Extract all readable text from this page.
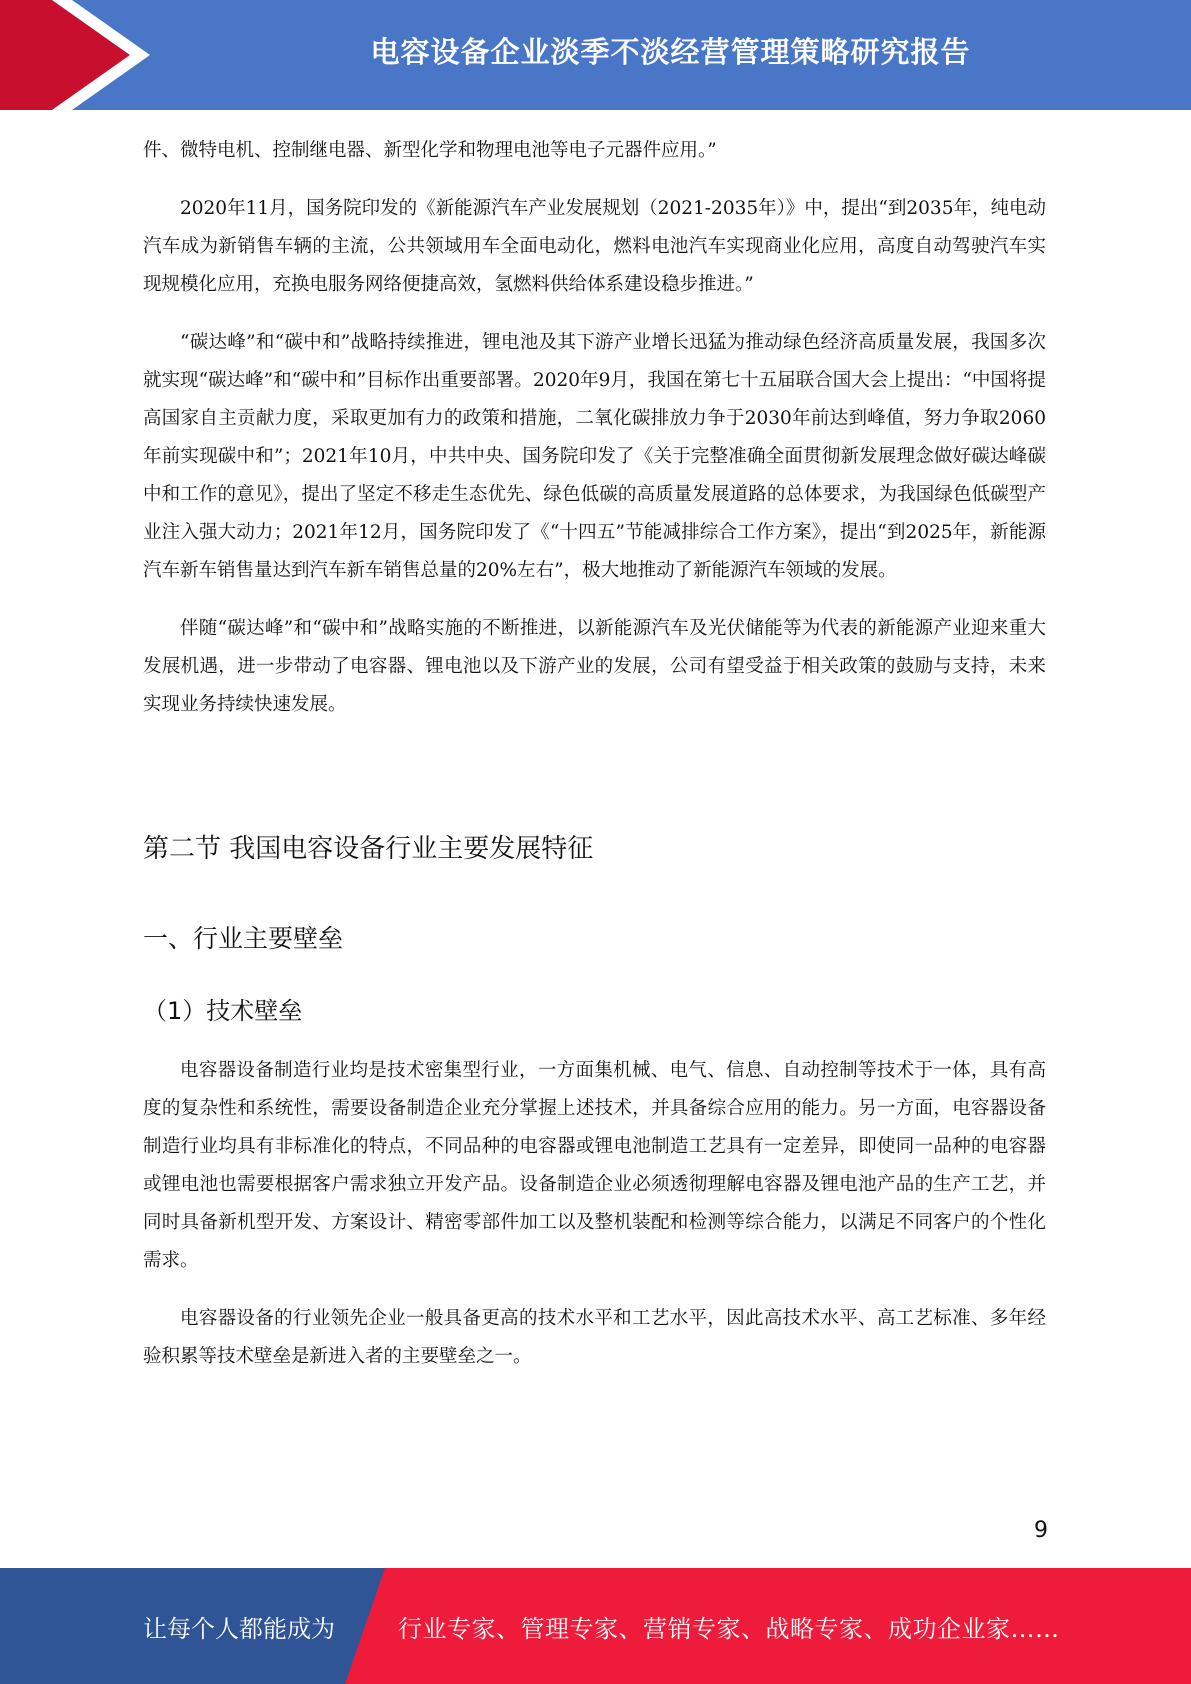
电容设备企业淡季不淡经营管理策略研究报告

件、微特电机、控制继电器、新型化学和物理电池等电子元器件应用。”

2020年11月，国务院印发的《新能源汽车产业发展规划（2021-2035年）》中，提出“到2035年，纯电动汽车成为新销售车辆的主流，公共领域用车全面电动化，燃料电池汽车实现商业化应用，高度自动驾驶汽车实现规模化应用，充换电服务网络便捷高效，氢燃料供给体系建设稳步推进。”

“碳达峰”和“碳中和”战略持续推进，锂电池及其下游产业增长迅猛为推动绿色经济高质量发展，我国多次就实现“碳达峰”和“碳中和”目标作出重要部署。2020年9月，我国在第七十五届联合国大会上提出：“中国将提高国家自主贡献力度，采取更加有力的政策和措施，二氧化碳排放力争于2030年前达到峰值，努力争取2060年前实现碳中和”；2021年10月，中共中央、国务院印发了《关于完整准确全面贯彻新发展理念做好碳达峰碳中和工作的意见》，提出了坚定不移走生态优先、绿色低碳的高质量发展道路的总体要求，为我国绿色低碳型产业注入强大动力；2021年12月，国务院印发了《“十四五”节能减排综合工作方案》，提出“到2025年，新能源汽车新车销售量达到汽车新车销售总量的20%左右”，极大地推动了新能源汽车领域的发展。

伴随“碳达峰”和“碳中和”战略实施的不断推进，以新能源汽车及光伏储能等为代表的新能源产业迎来重大发展机遇，进一步带动了电容器、锂电池以及下游产业的发展，公司有望受益于相关政策的鼓励与支持，未来实现业务持续快速发展。

第二节 我国电容设备行业主要发展特征
一、行业主要壁垒
（1）技术壁垒

电容器设备制造行业均是技术密集型行业，一方面集机械、电气、信息、自动控制等技术于一体，具有高度的复杂性和系统性，需要设备制造企业充分掌握上述技术，并具备综合应用的能力。另一方面，电容器设备制造行业均具有非标准化的特点，不同品种的电容器或锂电池制造工艺具有一定差异，即使同一品种的电容器或锂电池也需要根据客户需求独立开发产品。设备制造企业必须透彻理解电容器及锂电池产品的生产工艺，并同时具备新机型开发、方案设计、精密零部件加工以及整机装配和检测等综合能力，以满足不同客户的个性化需求。

电容器设备的行业领先企业一般具备更高的技术水平和工艺水平，因此高技术水平、高工艺标准、多年经验积累等技术壁垒是新进入者的主要壁垒之一。

9
让每个人都能成为	行业专家、管理专家、营销专家、战略专家、成功企业家……
